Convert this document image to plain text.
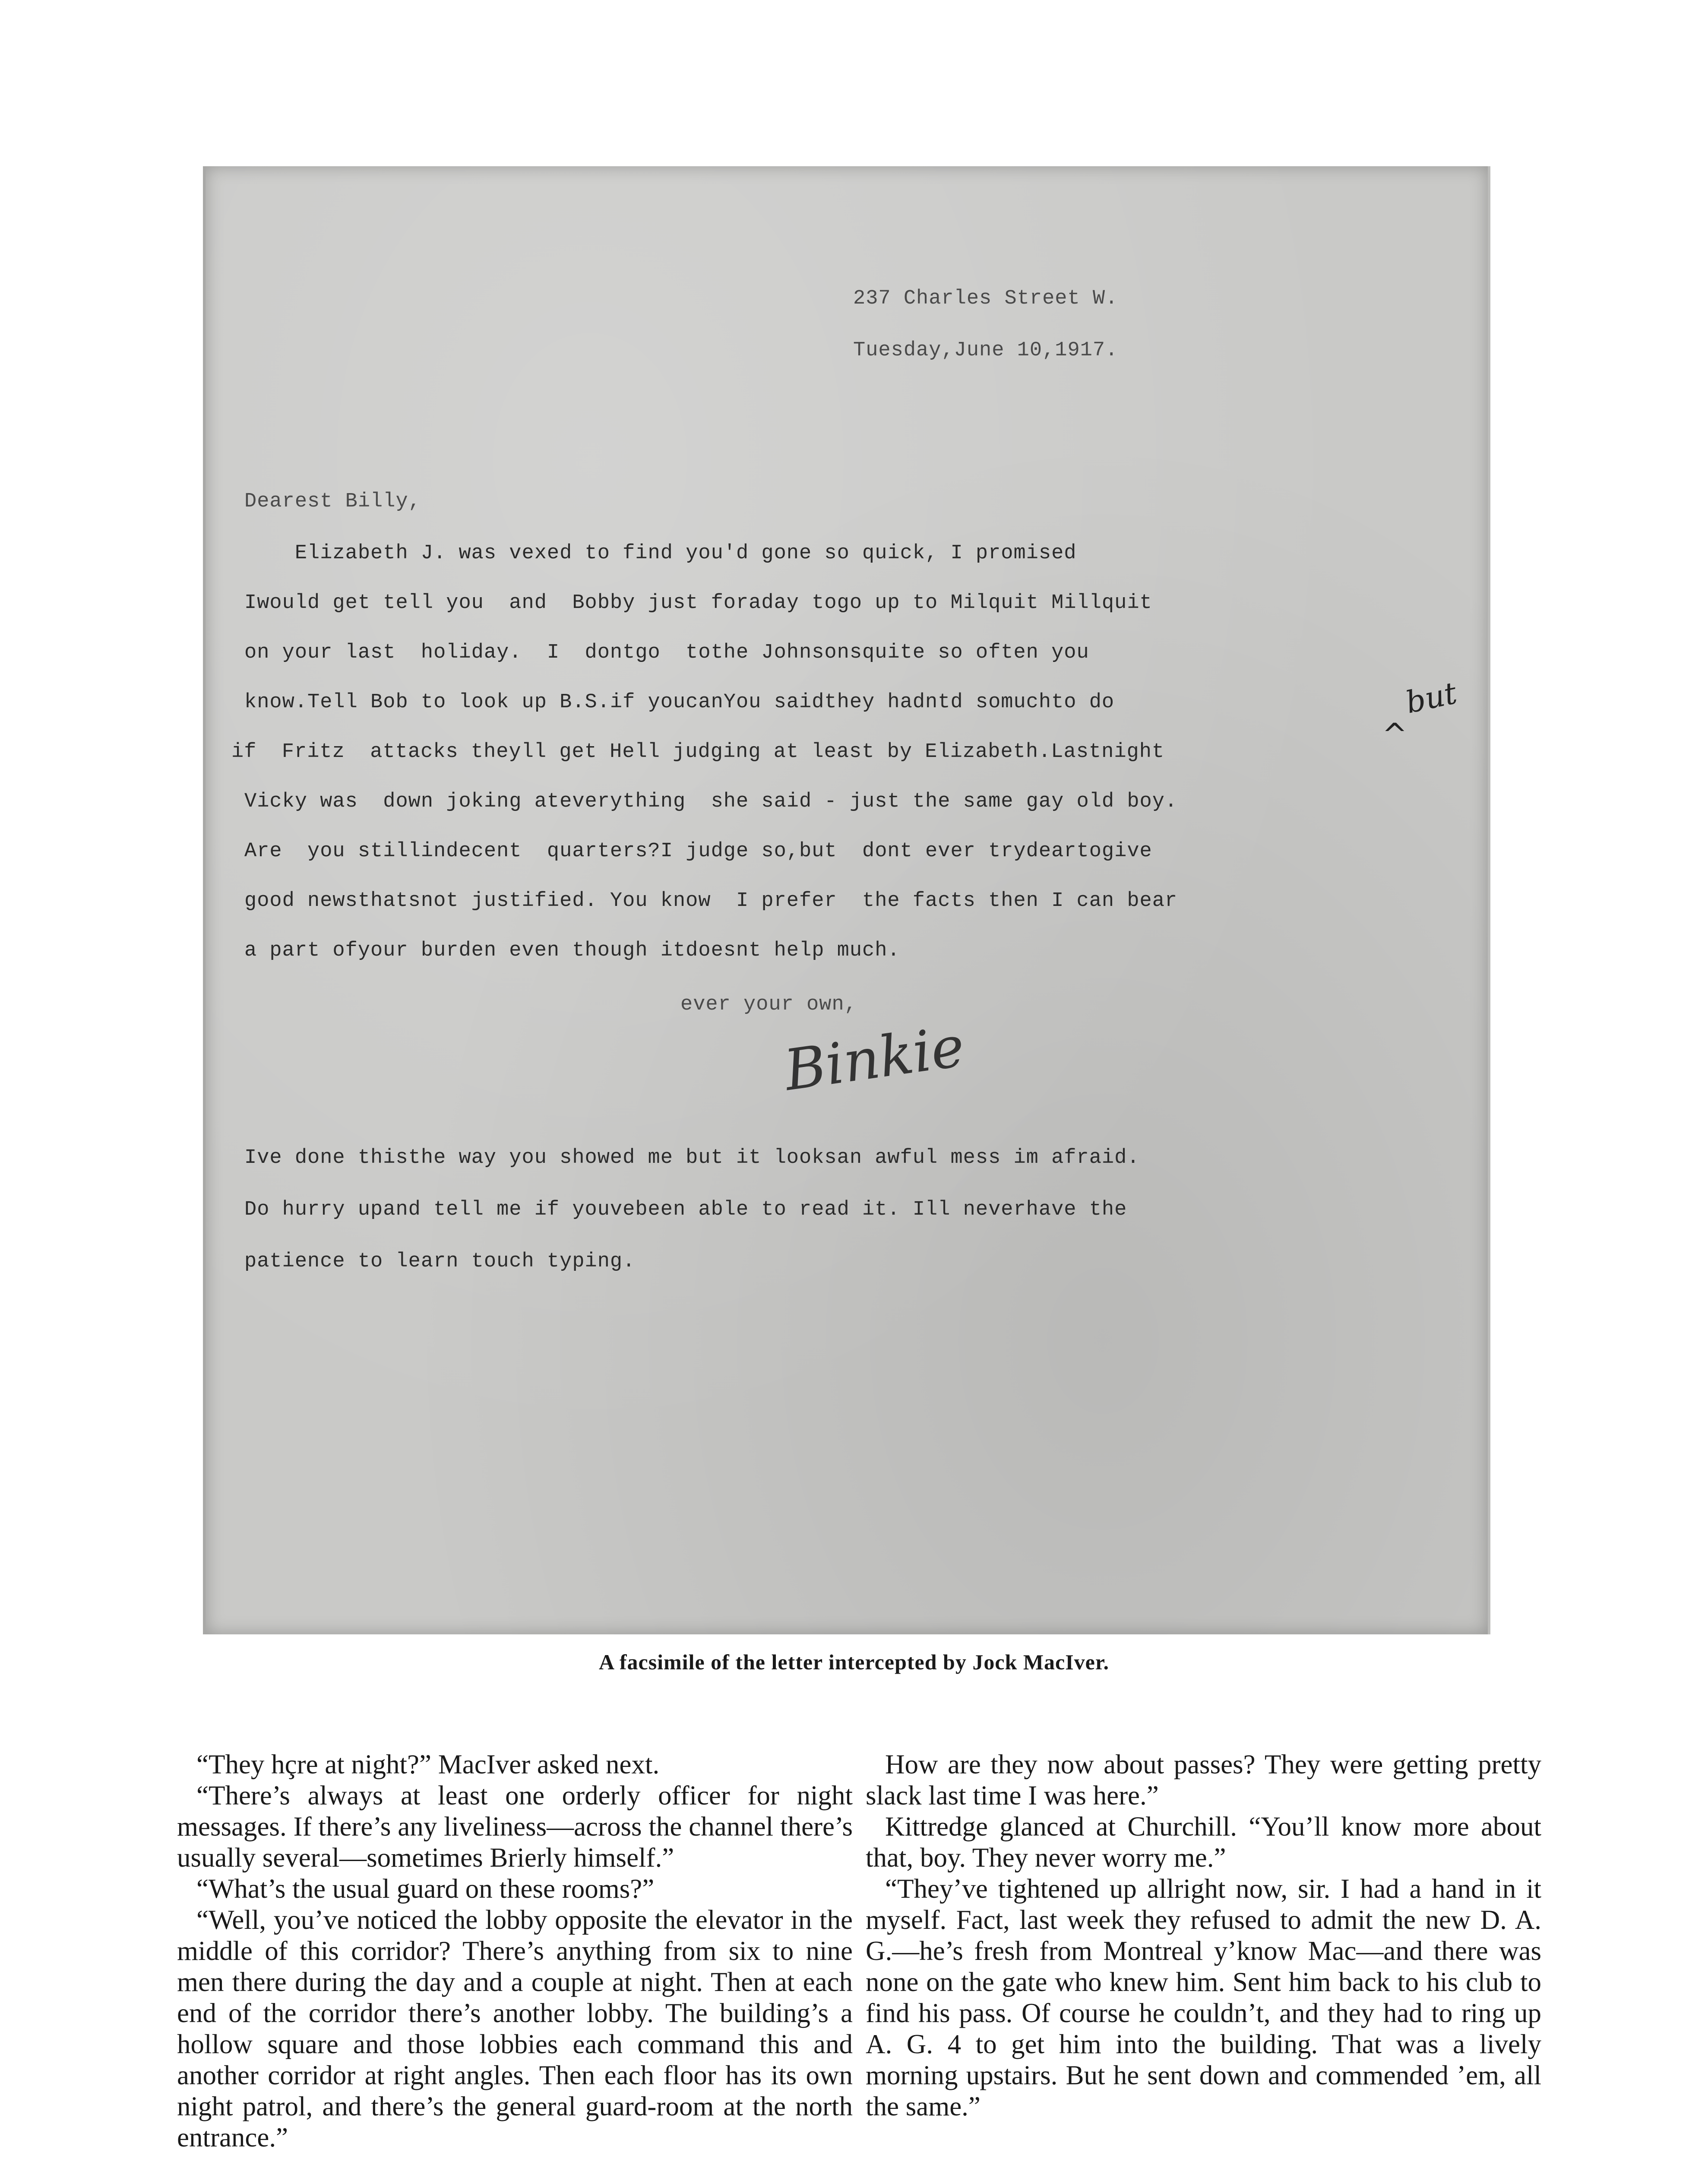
237 Charles Street W.

Tuesday,June 10,1917.

Dearest Billy,

Elizabeth J. was vexed to find you'd gone so quick, I promised

Iwould get tell you  and  Bobby just foraday togo up to Milquit Millquit

on your last  holiday.  I  dontgo  tothe Johnsonsquite so often you

know.Tell Bob to look up B.S.if youcanYou saidthey hadntd somuchto do

if  Fritz  attacks theyll get Hell judging at least by Elizabeth.Lastnight

Vicky was  down joking ateverything  she said - just the same gay old boy.

Are  you stillindecent  quarters?I judge so,but  dont ever trydeartogive

good newsthatsnot justified. You know  I prefer  the facts then I can bear

a part ofyour burden even though itdoesnt help much.

but

^

ever your own,

Binkie

Ive done thisthe way you showed me but it looksan awful mess im afraid.

Do hurry upand tell me if youvebeen able to read it. Ill neverhave the

patience to learn touch typing.

A facsimile of the letter intercepted by Jock MacIver.

“They hçre at night?” MacIver asked next.

“There’s always at least one orderly officer for night messages. If there’s any liveliness—across the channel there’s usually several—sometimes Brierly himself.”

“What’s the usual guard on these rooms?”

“Well, you’ve noticed the lobby opposite the elevator in the middle of this corridor? There’s anything from six to nine men there during the day and a couple at night. Then at each end of the corridor there’s another lobby. The building’s a hollow square and those lobbies each command this and another corridor at right angles. Then each floor has its own night patrol, and there’s the general guard-room at the north entrance.”

How are they now about passes? They were getting pretty slack last time I was here.”

Kittredge glanced at Churchill. “You’ll know more about that, boy. They never worry me.”

“They’ve tightened up allright now, sir. I had a hand in it myself. Fact, last week they refused to admit the new D. A. G.—he’s fresh from Montreal y’know Mac—and there was none on the gate who knew him. Sent him back to his club to find his pass. Of course he couldn’t, and they had to ring up A. G. 4 to get him into the building. That was a lively morning upstairs. But he sent down and commended ’em, all the same.”
